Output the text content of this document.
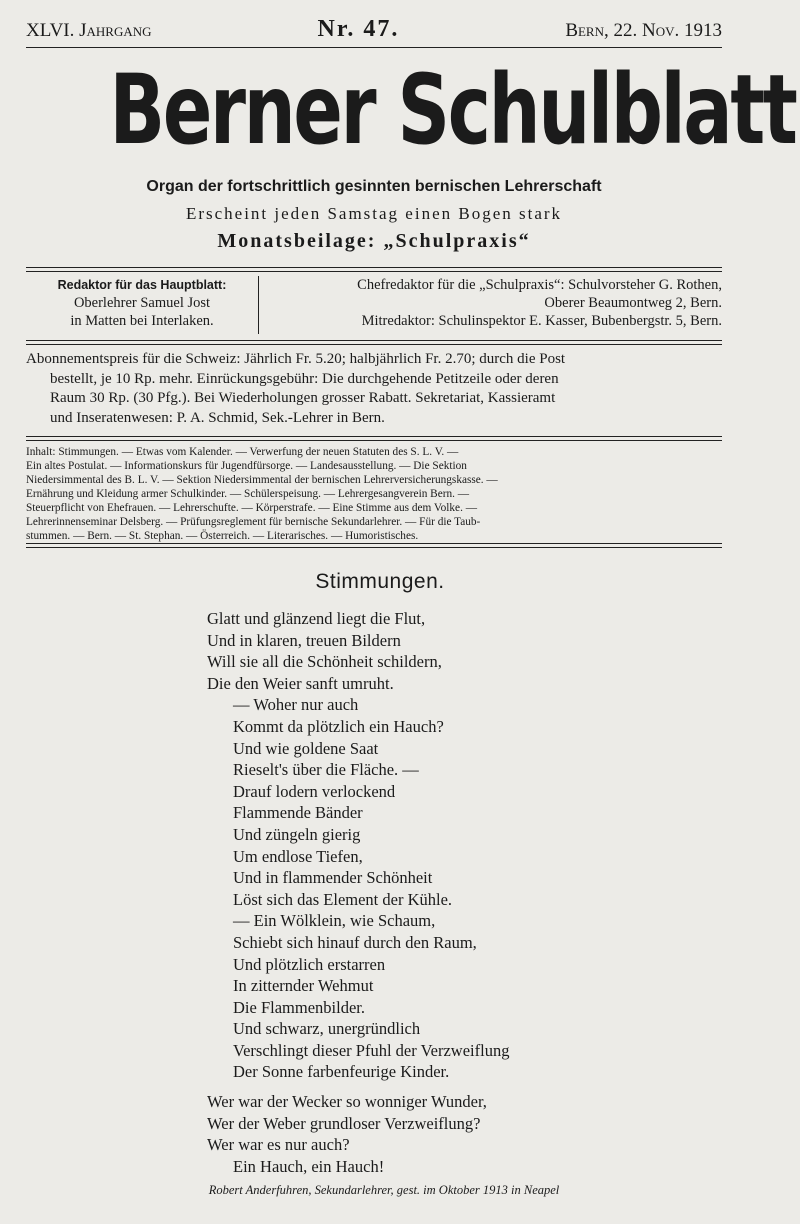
XLVI. Jahrgang	Nr. 47.	Bern, 22. Nov. 1913
Berner Schulblatt
Organ der fortschrittlich gesinnten bernischen Lehrerschaft
Erscheint jeden Samstag einen Bogen stark
Monatsbeilage: „Schulpraxis“
Redaktor für das Hauptblatt:
Oberlehrer Samuel Jost
in Matten bei Interlaken.
Chefredaktor für die „Schulpraxis“: Schulvorsteher G. Rothen,
Oberer Beaumontweg 2, Bern.
Mitredaktor: Schulinspektor E. Kasser, Bubenbergstr. 5, Bern.

Abonnementspreis für die Schweiz: Jährlich Fr. 5.20; halbjährlich Fr. 2.70; durch die Post

bestellt, je 10 Rp. mehr. Einrückungsgebühr: Die durchgehende Petitzeile oder deren

Raum 30 Rp. (30 Pfg.). Bei Wiederholungen grosser Rabatt. Sekretariat, Kassieramt

und Inseratenwesen: P. A. Schmid, Sek.-Lehrer in Bern.

Inhalt: Stimmungen. — Etwas vom Kalender. — Verwerfung der neuen Statuten des S. L. V. —

Ein altes Postulat. — Informationskurs für Jugendfürsorge. — Landesausstellung. — Die Sektion

Niedersimmental des B. L. V. — Sektion Niedersimmental der bernischen Lehrerversicherungskasse. —

Ernährung und Kleidung armer Schulkinder. — Schülerspeisung. — Lehrergesangverein Bern. —

Steuerpflicht von Ehefrauen. — Lehrerschufte. — Körperstrafe. — Eine Stimme aus dem Volke. —

Lehrerinnenseminar Delsberg. — Prüfungsreglement für bernische Sekundarlehrer. — Für die Taub-

stummen. — Bern. — St. Stephan. — Österreich. — Literarisches. — Humoristisches.

Stimmungen.
Glatt und glänzend liegt die Flut,
Und in klaren, treuen Bildern
Will sie all die Schönheit schildern,
Die den Weier sanft umruht.
— Woher nur auch
Kommt da plötzlich ein Hauch?
Und wie goldene Saat
Rieselt's über die Fläche. —
Drauf lodern verlockend
Flammende Bänder
Und züngeln gierig
Um endlose Tiefen,
Und in flammender Schönheit
Löst sich das Element der Kühle.
— Ein Wölklein, wie Schaum,
Schiebt sich hinauf durch den Raum,
Und plötzlich erstarren
In zitternder Wehmut
Die Flammenbilder.
Und schwarz, unergründlich
Verschlingt dieser Pfuhl der Verzweiflung
Der Sonne farbenfeurige Kinder.
Wer war der Wecker so wonniger Wunder,
Wer der Weber grundloser Verzweiflung?
Wer war es nur auch?
Ein Hauch, ein Hauch!
Robert Anderfuhren, Sekundarlehrer, gest. im Oktober 1913 in Neapel
